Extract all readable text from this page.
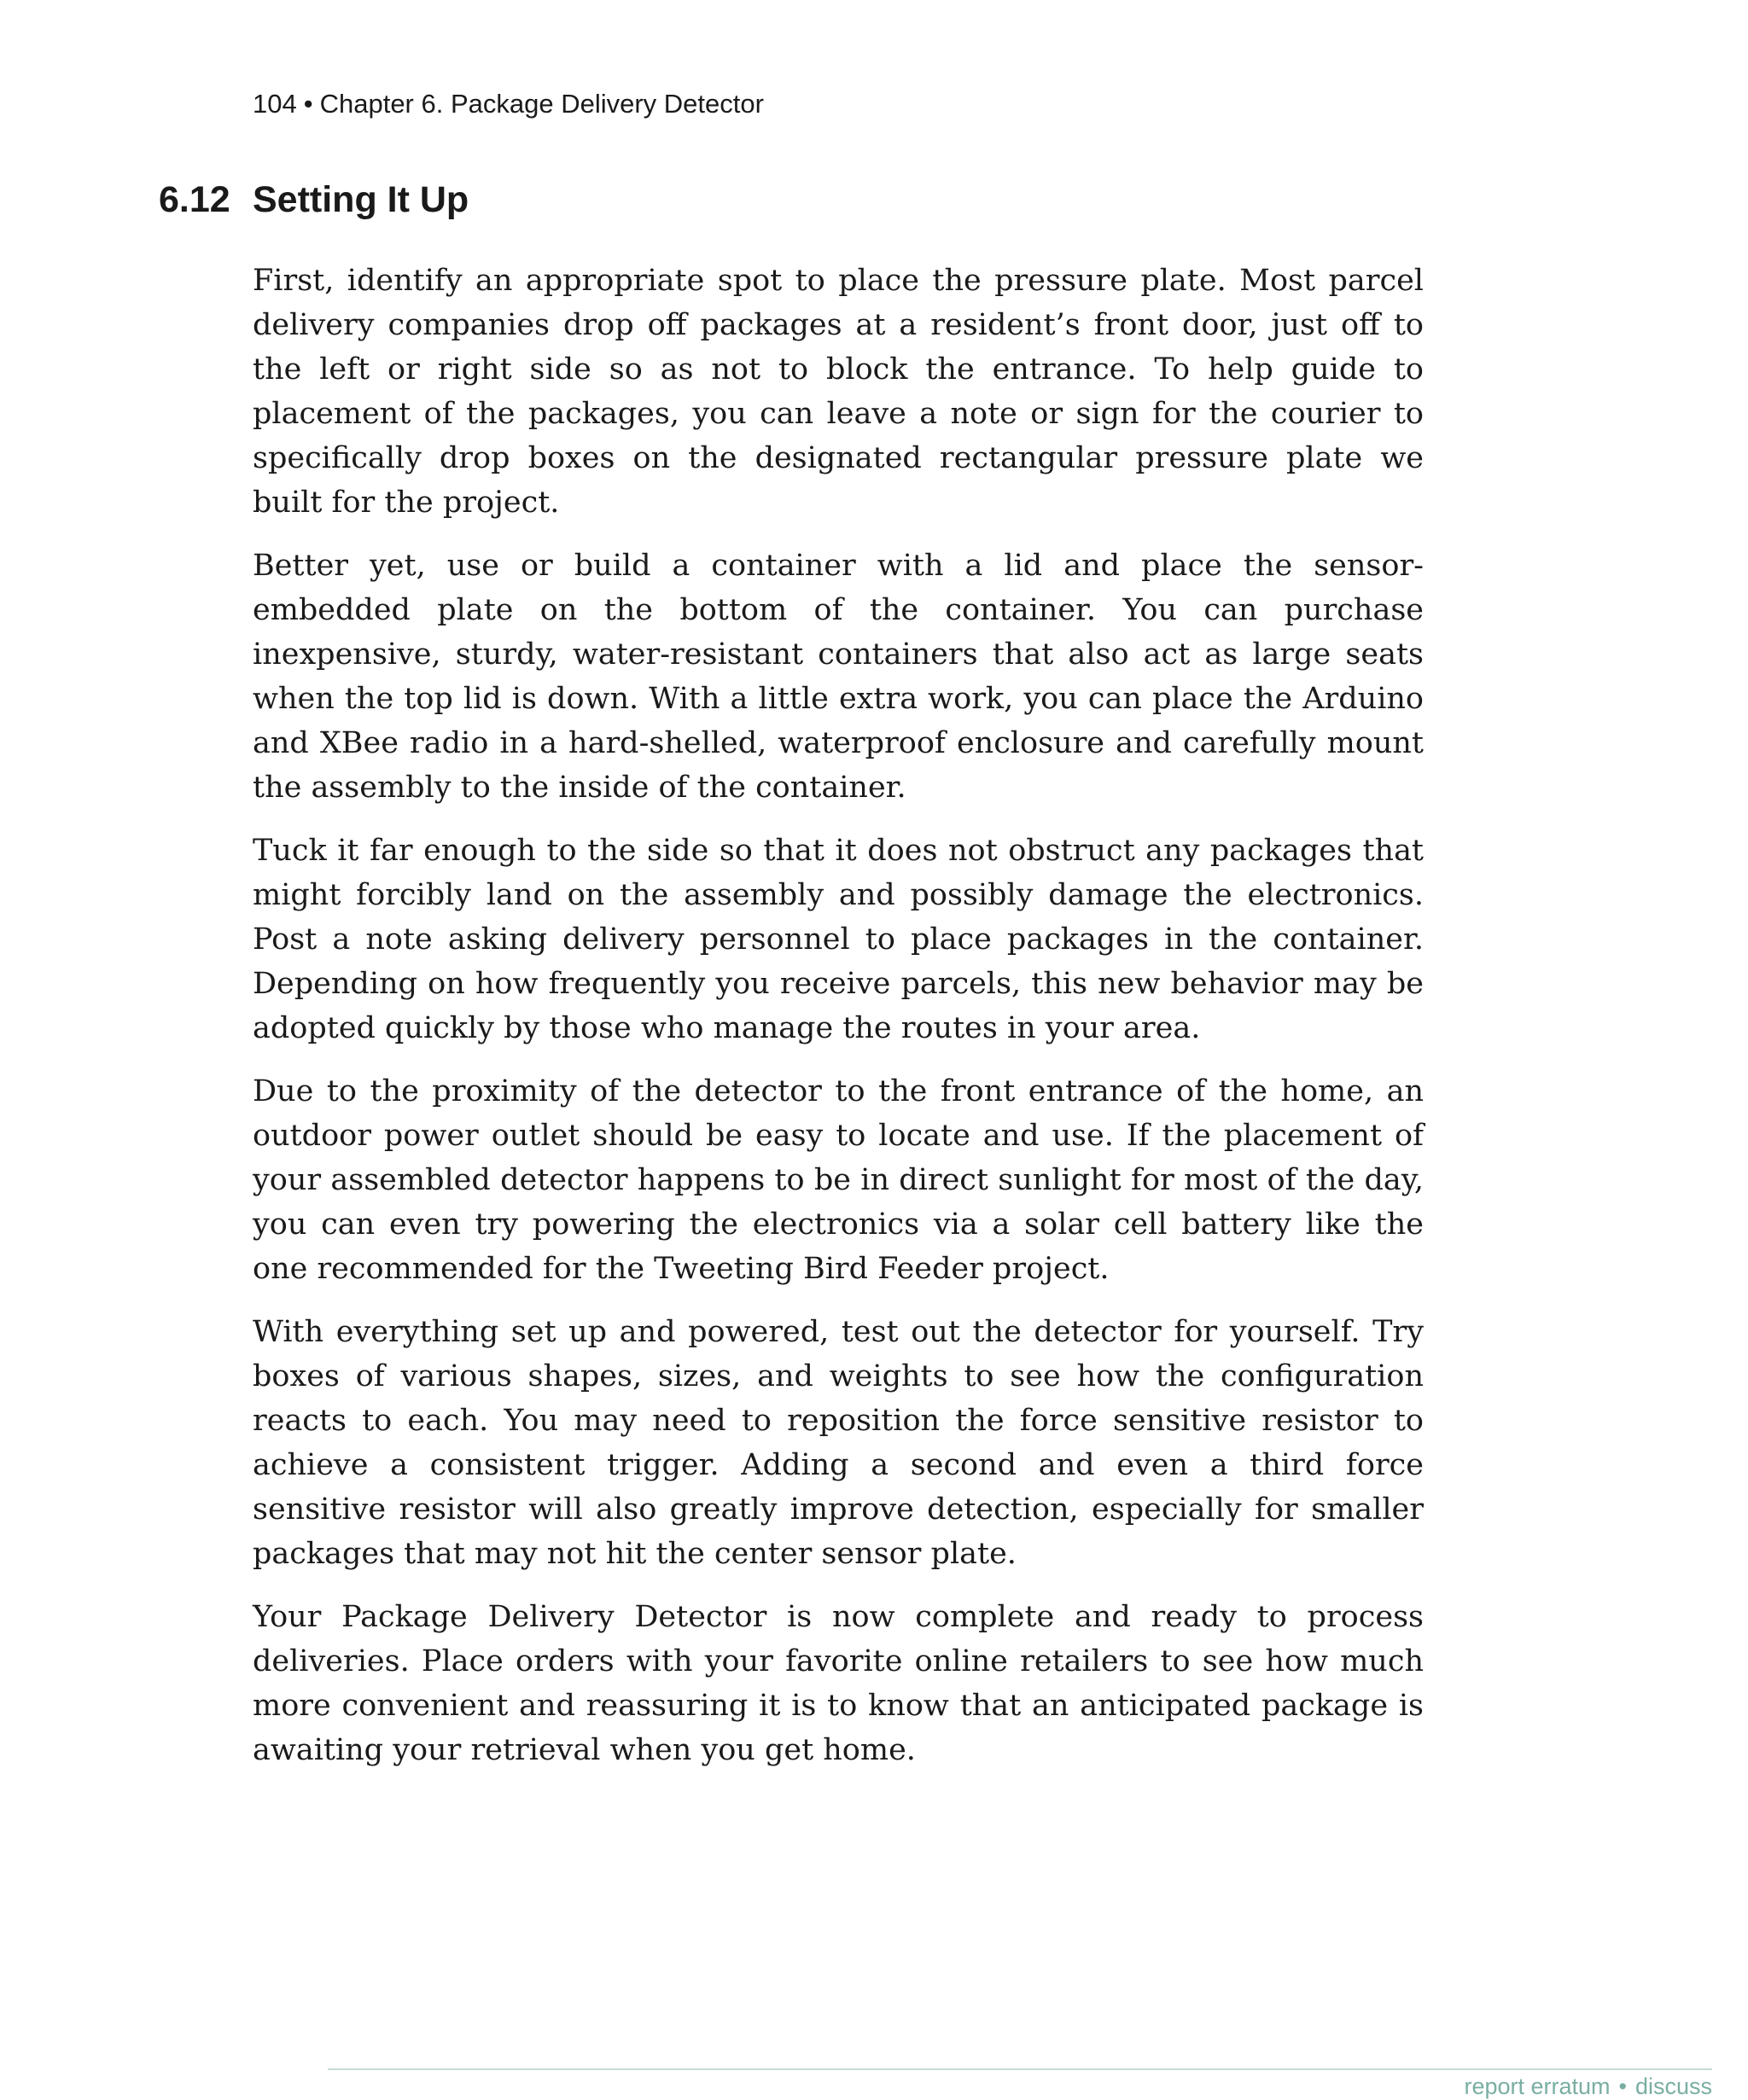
104 • Chapter 6. Package Delivery Detector
6.12 Setting It Up

First, identify an appropriate spot to place the pressure plate. Most parcel delivery companies drop off packages at a resident’s front door, just off to the left or right side so as not to block the entrance. To help guide to placement of the packages, you can leave a note or sign for the courier to specifically drop boxes on the designated rectangular pressure plate we built for the project.

Better yet, use or build a container with a lid and place the sensor-embedded plate on the bottom of the container. You can purchase inexpensive, sturdy, water-resistant containers that also act as large seats when the top lid is down. With a little extra work, you can place the Arduino and XBee radio in a hard-shelled, waterproof enclosure and carefully mount the assembly to the inside of the container.

Tuck it far enough to the side so that it does not obstruct any packages that might forcibly land on the assembly and possibly damage the electronics. Post a note asking delivery personnel to place packages in the container. Depending on how frequently you receive parcels, this new behavior may be adopted quickly by those who manage the routes in your area.

Due to the proximity of the detector to the front entrance of the home, an outdoor power outlet should be easy to locate and use. If the placement of your assembled detector happens to be in direct sunlight for most of the day, you can even try powering the electronics via a solar cell battery like the one recommended for the Tweeting Bird Feeder project.

With everything set up and powered, test out the detector for yourself. Try boxes of various shapes, sizes, and weights to see how the configuration reacts to each. You may need to reposition the force sensitive resistor to achieve a consistent trigger. Adding a second and even a third force sensitive resistor will also greatly improve detection, especially for smaller packages that may not hit the center sensor plate.

Your Package Delivery Detector is now complete and ready to process deliveries. Place orders with your favorite online retailers to see how much more convenient and reassuring it is to know that an anticipated package is awaiting your retrieval when you get home.

report erratum • discuss
